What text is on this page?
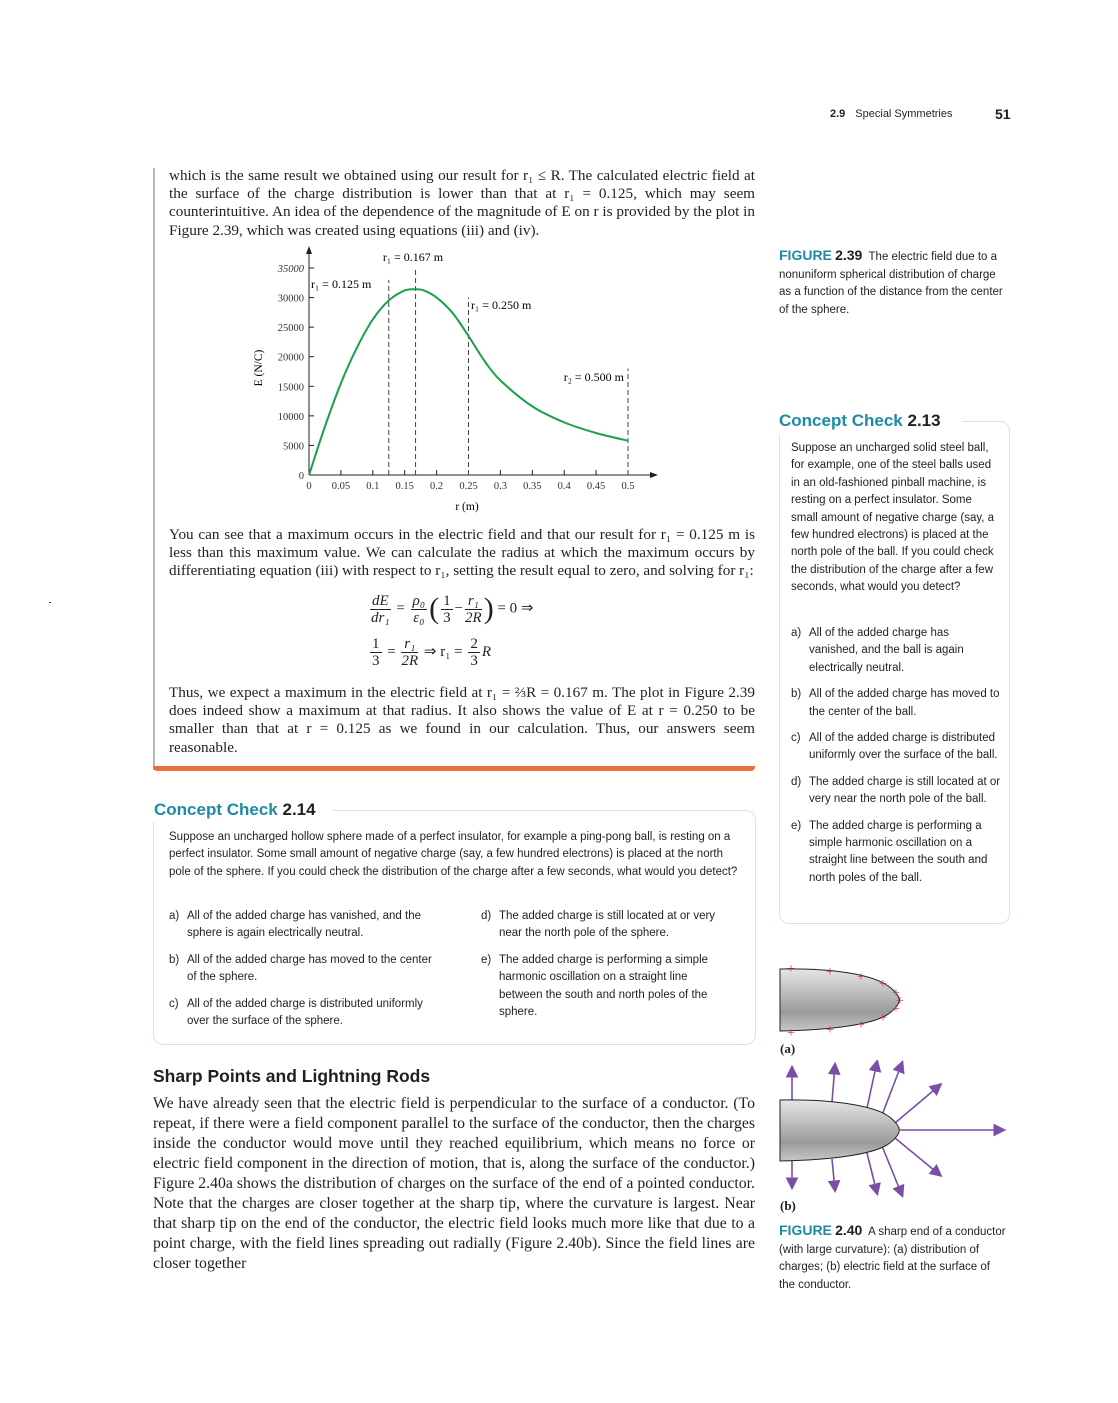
2.9 Special Symmetries	51
which is the same result we obtained using our result for r₁ ≤ R. The calculated electric field at the surface of the charge distribution is lower than that at r₁ = 0.125, which may seem counterintuitive. An idea of the dependence of the magnitude of E on r is provided by the plot in Figure 2.39, which was created using equations (iii) and (iv).
0 0.05 0.1 0.15 0.2 0.25 0.3 0.35 0.4 0.45 0.5
0
5000
10000
15000
20000
25000
30000
35000
r₁ = 0.125 m
r₁ = 0.167 m
r₁ = 0.250 m
r₂ = 0.500 m
r (m)
E (N/C)
You can see that a maximum occurs in the electric field and that our result for r₁ = 0.125 m is less than this maximum value. We can calculate the radius at which the maximum occurs by differentiating equation (iii) with respect to r₁, setting the result equal to zero, and solving for r₁:
$\frac{dE}{\text{dr₁}} = \frac{\text{ρ₀}}{\text{ε₀}}$ ( $\frac{1}{3} - \frac{\text{r₁}}{2R}$ ) = 0 ⇒
$\frac{1}{3} = \frac{\text{r₁}}{2R}$ ⇒ $r_1 = \frac{2}{3}$ R
Thus, we expect a maximum in the electric field at r₁ = ⅔R = 0.167 m. The plot in Figure 2.39 does indeed show a maximum at that radius. It also shows the value of E at r = 0.250 to be smaller than that at r = 0.125 as we found in our calculation. Thus, our answers seem reasonable.
FIGURE 2.39 The electric field due to a nonuniform spherical distribution of charge as a function of the distance from the center of the sphere.
Concept Check 2.13
Suppose an uncharged solid steel ball, for example, one of the steel balls used in an old-fashioned pinball machine, is resting on a perfect insulator. Some small amount of negative charge (say, a few hundred electrons) is placed at the north pole of the ball. If you could check the distribution of the charge after a few seconds, what would you detect?
a) All of the added charge has vanished, and the ball is again electrically neutral.
b) All of the added charge has moved to the center of the ball.
c) All of the added charge is distributed uniformly over the surface of the ball.
d) The added charge is still located at or very near the north pole of the ball.
e) The added charge is performing a simple harmonic oscillation on a straight line between the south and north poles of the ball.
Concept Check 2.14
Suppose an uncharged hollow sphere made of a perfect insulator, for example a ping-pong ball, is resting on a perfect insulator. Some small amount of negative charge (say, a few hundred electrons) is placed at the north pole of the sphere. If you could check the distribution of the charge after a few seconds, what would you detect?
a) All of the added charge has vanished, and the sphere is again electrically neutral.
b) All of the added charge has moved to the center of the sphere.
c) All of the added charge is distributed uniformly over the surface of the sphere.
d) The added charge is still located at or very near the north pole of the sphere.
e) The added charge is performing a simple harmonic oscillation on a straight line between the south and north poles of the sphere.
Sharp Points and Lightning Rods
We have already seen that the electric field is perpendicular to the surface of a conductor. (To repeat, if there were a field component parallel to the surface of the conductor, then the charges inside the conductor would move until they reached equilibrium, which means no force or electric field component in the direction of motion, that is, along the surface of the conductor.) Figure 2.40a shows the distribution of charges on the surface of the end of a pointed conductor. Note that the charges are closer together at the sharp tip, where the curvature is largest. Near that sharp tip on the end of the conductor, the electric field looks much more like that due to a point charge, with the field lines spreading out radially (Figure 2.40b). Since the field lines are closer together
+ + + +
+
+
+
+
+
+
+
(a)
(b)
FIGURE 2.40 A sharp end of a conductor (with large curvature): (a) distribution of charges; (b) electric field at the surface of the conductor.
